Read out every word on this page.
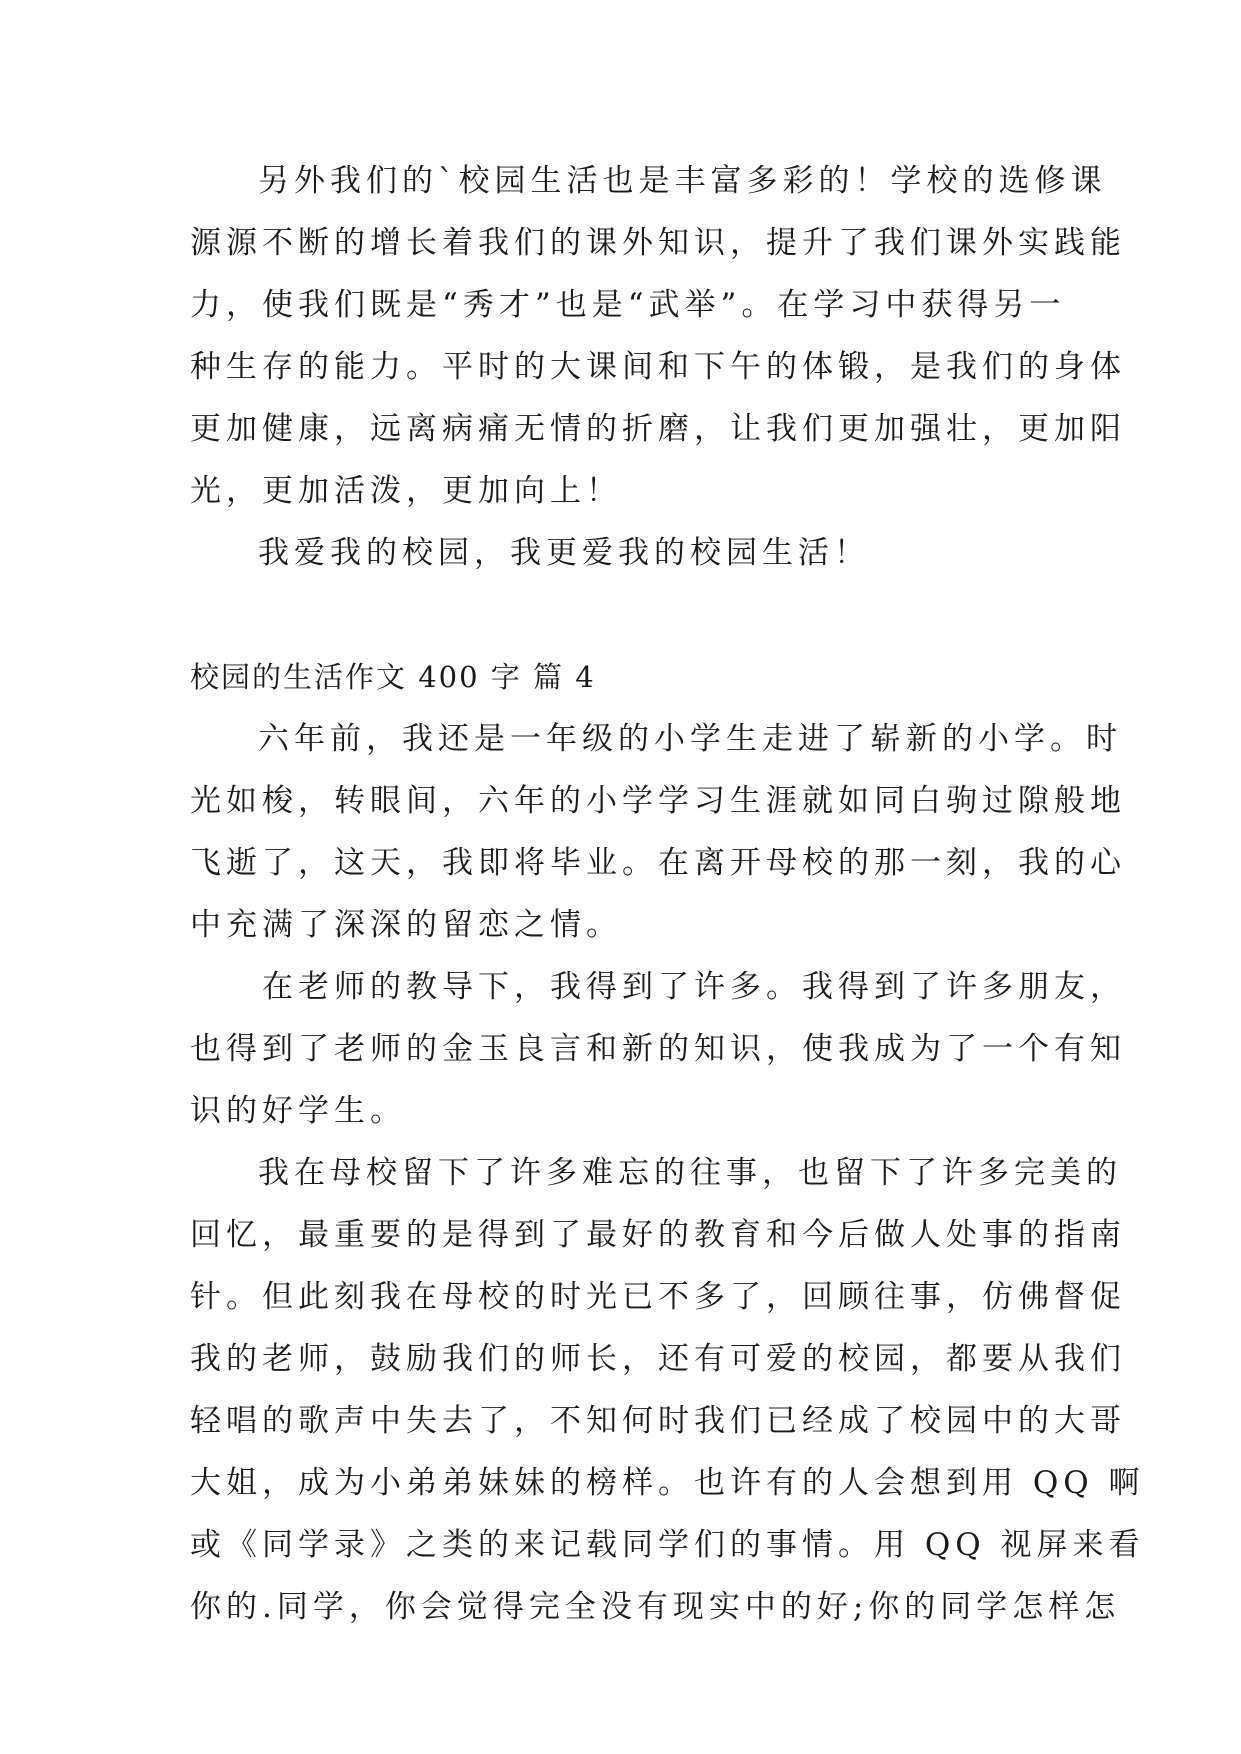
另外我们的`校园生活也是丰富多彩的！学校的选修课
源源不断的增长着我们的课外知识，提升了我们课外实践能
力，使我们既是“秀才”也是“武举”。在学习中获得另一
种生存的能力。平时的大课间和下午的体锻，是我们的身体
更加健康，远离病痛无情的折磨，让我们更加强壮，更加阳
光，更加活泼，更加向上！
我爱我的校园，我更爱我的校园生活！
校园的生活作文 400 字 篇 4
六年前，我还是一年级的小学生走进了崭新的小学。时
光如梭，转眼间，六年的小学学习生涯就如同白驹过隙般地
飞逝了，这天，我即将毕业。在离开母校的那一刻，我的心
中充满了深深的留恋之情。
在老师的教导下，我得到了许多。我得到了许多朋友，
也得到了老师的金玉良言和新的知识，使我成为了一个有知
识的好学生。
我在母校留下了许多难忘的往事，也留下了许多完美的
回忆，最重要的是得到了最好的教育和今后做人处事的指南
针。但此刻我在母校的时光已不多了，回顾往事，仿佛督促
我的老师，鼓励我们的师长，还有可爱的校园，都要从我们
轻唱的歌声中失去了，不知何时我们已经成了校园中的大哥
大姐，成为小弟弟妹妹的榜样。也许有的人会想到用 QQ 啊
或《同学录》之类的来记载同学们的事情。用 QQ 视屏来看
你的.同学，你会觉得完全没有现实中的好;你的同学怎样怎
